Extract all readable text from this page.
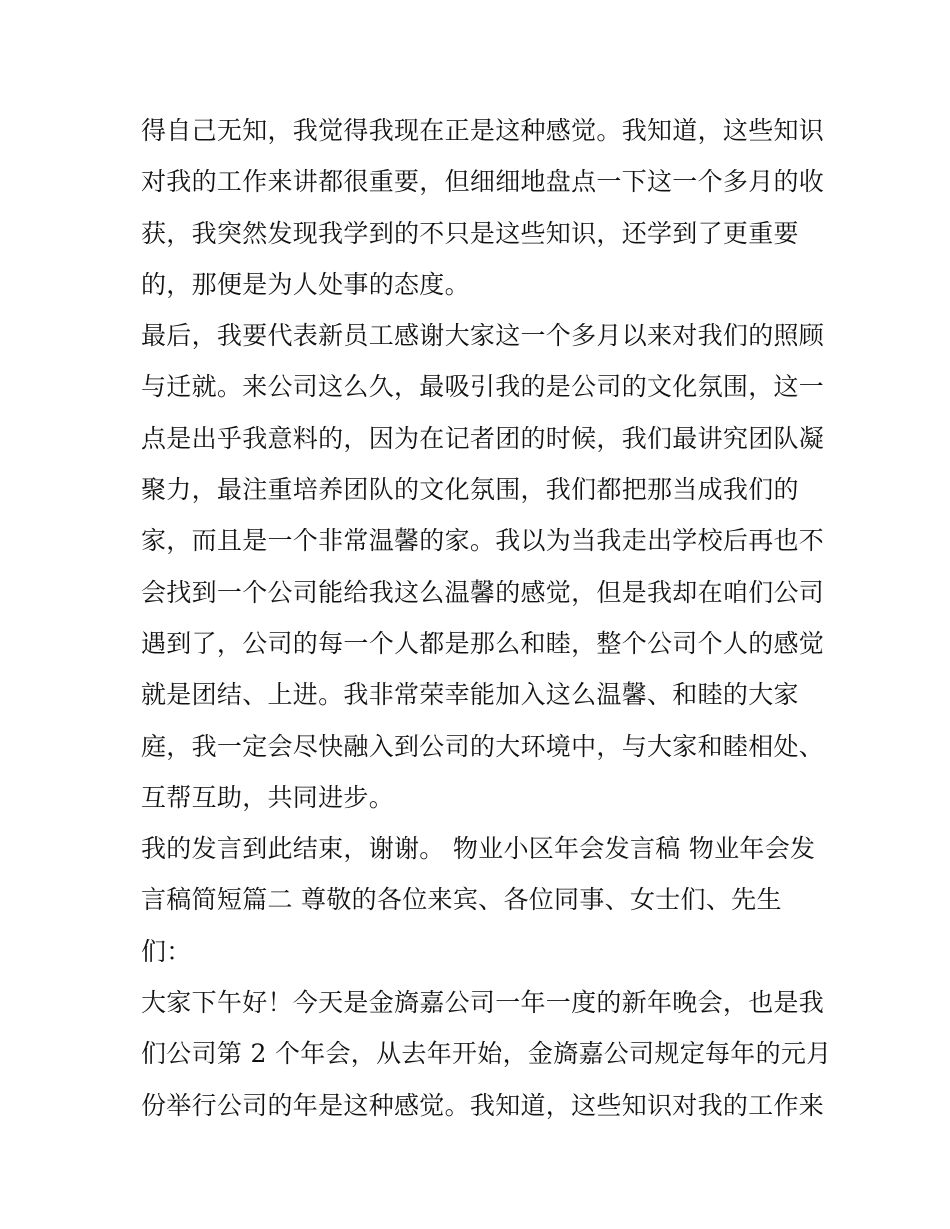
得自己无知，我觉得我现在正是这种感觉。我知道，这些知识
对我的工作来讲都很重要，但细细地盘点一下这一个多月的收
获，我突然发现我学到的不只是这些知识，还学到了更重要
的，那便是为人处事的态度。
最后，我要代表新员工感谢大家这一个多月以来对我们的照顾
与迁就。来公司这么久，最吸引我的是公司的文化氛围，这一
点是出乎我意料的，因为在记者团的时候，我们最讲究团队凝
聚力，最注重培养团队的文化氛围，我们都把那当成我们的
家，而且是一个非常温馨的家。我以为当我走出学校后再也不
会找到一个公司能给我这么温馨的感觉，但是我却在咱们公司
遇到了，公司的每一个人都是那么和睦，整个公司个人的感觉
就是团结、上进。我非常荣幸能加入这么温馨、和睦的大家
庭，我一定会尽快融入到公司的大环境中，与大家和睦相处、
互帮互助，共同进步。
我的发言到此结束，谢谢。 物业小区年会发言稿 物业年会发
言稿简短篇二 尊敬的各位来宾、各位同事、女士们、先生
们：
大家下午好！今天是金旖嘉公司一年一度的新年晚会，也是我
们公司第 2 个年会，从去年开始，金旖嘉公司规定每年的元月
份举行公司的年是这种感觉。我知道，这些知识对我的工作来
